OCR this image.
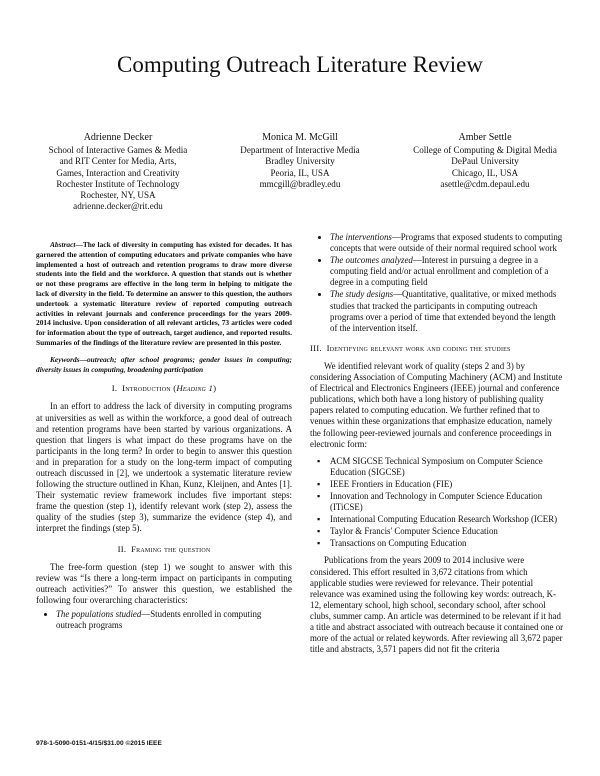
Computing Outreach Literature Review
Adrienne Decker
School of Interactive Games & Media
and RIT Center for Media, Arts,
Games, Interaction and Creativity
Rochester Institute of Technology
Rochester, NY, USA
adrienne.decker@rit.edu
Monica M. McGill
Department of Interactive Media
Bradley University
Peoria, IL, USA
mmcgill@bradley.edu
Amber Settle
College of Computing & Digital Media
DePaul University
Chicago, IL, USA
asettle@cdm.depaul.edu

Abstract—The lack of diversity in computing has existed for decades. It has garnered the attention of computing educators and private companies who have implemented a host of outreach and retention programs to draw more diverse students into the field and the workforce. A question that stands out is whether or not these programs are effective in the long term in helping to mitigate the lack of diversity in the field. To determine an answer to this question, the authors undertook a systematic literature review of reported computing outreach activities in relevant journals and conference proceedings for the years 2009-2014 inclusive. Upon consideration of all relevant articles, 73 articles were coded for information about the type of outreach, target audience, and reported results. Summaries of the findings of the literature review are presented in this poster.

Keywords—outreach; after school programs; gender issues in computing; diversity issues in computing, broadening participation

I. Introduction (Heading 1)

In an effort to address the lack of diversity in computing programs at universities as well as within the workforce, a good deal of outreach and retention programs have been started by various organizations. A question that lingers is what impact do these programs have on the participants in the long term? In order to begin to answer this question and in preparation for a study on the long-term impact of computing outreach discussed in [2], we undertook a systematic literature review following the structure outlined in Khan, Kunz, Kleijnen, and Antes [1]. Their systematic review framework includes five important steps: frame the question (step 1), identify relevant work (step 2), assess the quality of the studies (step 3), summarize the evidence (step 4), and interpret the findings (step 5).

II. Framing the question

The free-form question (step 1) we sought to answer with this review was “Is there a long-term impact on participants in computing outreach activities?” To answer this question, we established the following four overarching characteristics:

• The populations studied—Students enrolled in computing outreach programs
• The interventions—Programs that exposed students to computing concepts that were outside of their normal required school work
• The outcomes analyzed—Interest in pursuing a degree in a computing field and/or actual enrollment and completion of a degree in a computing field
• The study designs—Quantitative, qualitative, or mixed methods studies that tracked the participants in computing outreach programs over a period of time that extended beyond the length of the intervention itself.

III. Identifying relevant work and coding the studies

We identified relevant work of quality (steps 2 and 3) by considering Association of Computing Machinery (ACM) and Institute of Electrical and Electronics Engineers (IEEE) journal and conference publications, which both have a long history of publishing quality papers related to computing education. We further refined that to venues within these organizations that emphasize education, namely the following peer-reviewed journals and conference proceedings in electronic form:

▪ ACM SIGCSE Technical Symposium on Computer Science Education (SIGCSE)
▪ IEEE Frontiers in Education (FIE)
▪ Innovation and Technology in Computer Science Education (ITiCSE)
▪ International Computing Education Research Workshop (ICER)
▪ Taylor & Francis' Computer Science Education
▪ Transactions on Computing Education

Publications from the years 2009 to 2014 inclusive were considered. This effort resulted in 3,672 citations from which applicable studies were reviewed for relevance. Their potential relevance was examined using the following key words: outreach, K-12, elementary school, high school, secondary school, after school clubs, summer camp. An article was determined to be relevant if it had a title and abstract associated with outreach because it contained one or more of the actual or related keywords. After reviewing all 3,672 paper title and abstracts, 3,571 papers did not fit the criteria

978-1-5090-0151-4/15/$31.00 ©2015 IEEE
